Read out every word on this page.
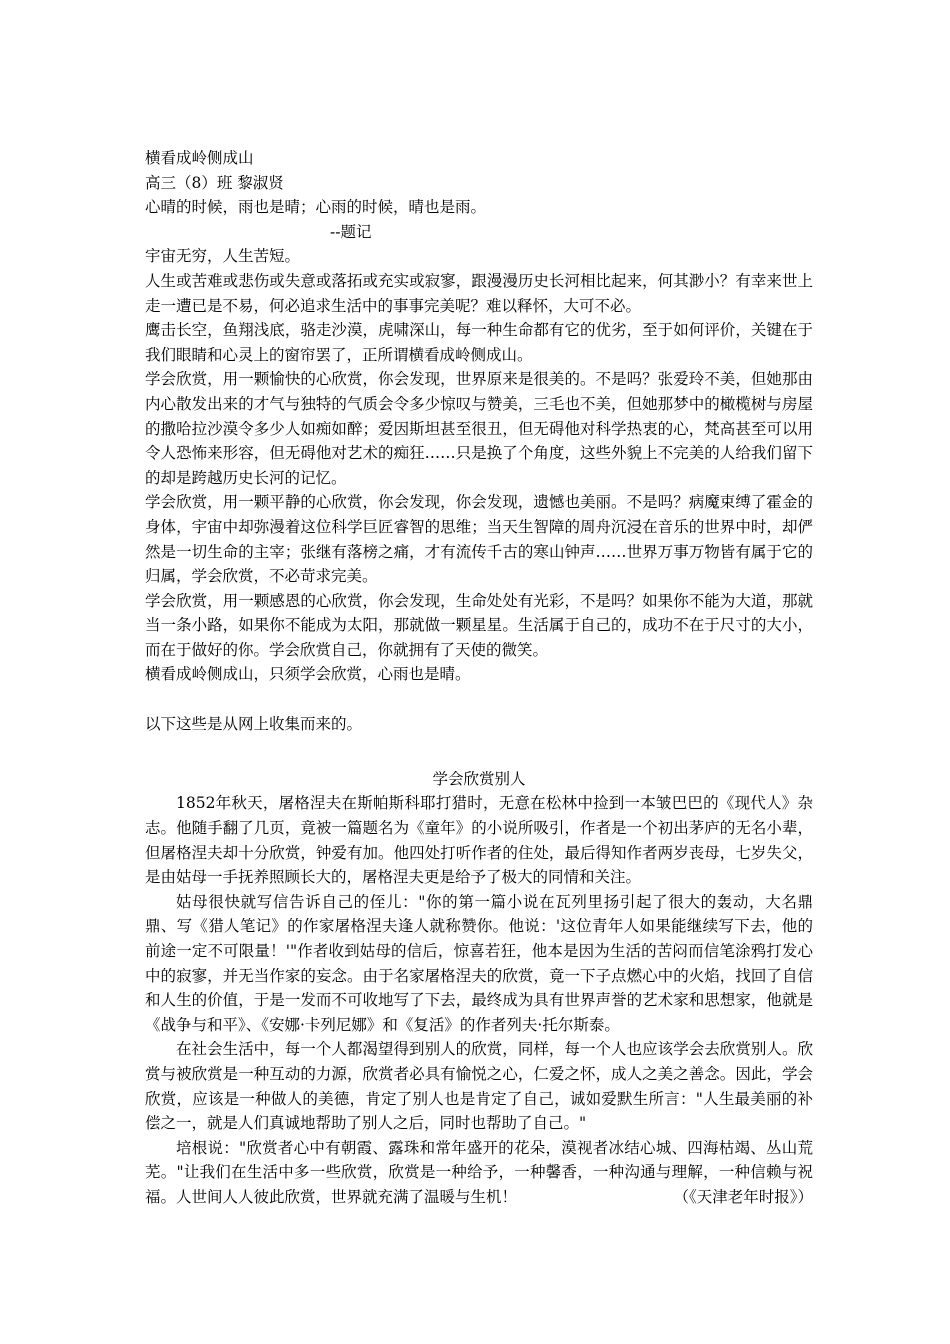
横看成岭侧成山

高三（8）班 黎淑贤

心晴的时候，雨也是晴；心雨的时候，晴也是雨。

--题记

宇宙无穷，人生苦短。

人生或苦难或悲伤或失意或落拓或充实或寂寥，跟漫漫历史长河相比起来，何其渺小？有幸来世上走一遭已是不易，何必追求生活中的事事完美呢？难以释怀，大可不必。

鹰击长空，鱼翔浅底，骆走沙漠，虎啸深山，每一种生命都有它的优劣，至于如何评价，关键在于我们眼睛和心灵上的窗帘罢了，正所谓横看成岭侧成山。

学会欣赏，用一颗愉快的心欣赏，你会发现，世界原来是很美的。不是吗？张爱玲不美，但她那由内心散发出来的才气与独特的气质会令多少惊叹与赞美，三毛也不美，但她那梦中的橄榄树与房屋的撒哈拉沙漠令多少人如痴如醉；爱因斯坦甚至很丑，但无碍他对科学热衷的心，梵高甚至可以用令人恐怖来形容，但无碍他对艺术的痴狂……只是换了个角度，这些外貌上不完美的人给我们留下的却是跨越历史长河的记忆。

学会欣赏，用一颗平静的心欣赏，你会发现，你会发现，遗憾也美丽。不是吗？病魔束缚了霍金的身体，宇宙中却弥漫着这位科学巨匠睿智的思维；当天生智障的周舟沉浸在音乐的世界中时，却俨然是一切生命的主宰；张继有落榜之痛，才有流传千古的寒山钟声……世界万事万物皆有属于它的归属，学会欣赏，不必苛求完美。

学会欣赏，用一颗感恩的心欣赏，你会发现，生命处处有光彩，不是吗？如果你不能为大道，那就当一条小路，如果你不能成为太阳，那就做一颗星星。生活属于自己的，成功不在于尺寸的大小，而在于做好的你。学会欣赏自己，你就拥有了天使的微笑。

横看成岭侧成山，只须学会欣赏，心雨也是晴。

以下这些是从网上收集而来的。

学会欣赏别人

1852年秋天，屠格涅夫在斯帕斯科耶打猎时，无意在松林中捡到一本皱巴巴的《现代人》杂志。他随手翻了几页，竟被一篇题名为《童年》的小说所吸引，作者是一个初出茅庐的无名小辈，但屠格涅夫却十分欣赏，钟爱有加。他四处打听作者的住处，最后得知作者两岁丧母，七岁失父，是由姑母一手抚养照顾长大的，屠格涅夫更是给予了极大的同情和关注。

姑母很快就写信告诉自己的侄儿："你的第一篇小说在瓦列里扬引起了很大的轰动，大名鼎鼎、写《猎人笔记》的作家屠格涅夫逢人就称赞你。他说：'这位青年人如果能继续写下去，他的前途一定不可限量！'"作者收到姑母的信后，惊喜若狂，他本是因为生活的苦闷而信笔涂鸦打发心中的寂寥，并无当作家的妄念。由于名家屠格涅夫的欣赏，竟一下子点燃心中的火焰，找回了自信和人生的价值，于是一发而不可收地写了下去，最终成为具有世界声誉的艺术家和思想家，他就是《战争与和平》、《安娜·卡列尼娜》和《复活》的作者列夫·托尔斯泰。

在社会生活中，每一个人都渴望得到别人的欣赏，同样，每一个人也应该学会去欣赏别人。欣赏与被欣赏是一种互动的力源，欣赏者必具有愉悦之心，仁爱之怀，成人之美之善念。因此，学会欣赏，应该是一种做人的美德，肯定了别人也是肯定了自己，诚如爱默生所言："人生最美丽的补偿之一，就是人们真诚地帮助了别人之后，同时也帮助了自己。"

培根说："欣赏者心中有朝霞、露珠和常年盛开的花朵，漠视者冰结心城、四海枯竭、丛山荒芜。"让我们在生活中多一些欣赏，欣赏是一种给予，一种馨香，一种沟通与理解，一种信赖与祝福。人世间人人彼此欣赏，世界就充满了温暖与生机！	（《天津老年时报》）
